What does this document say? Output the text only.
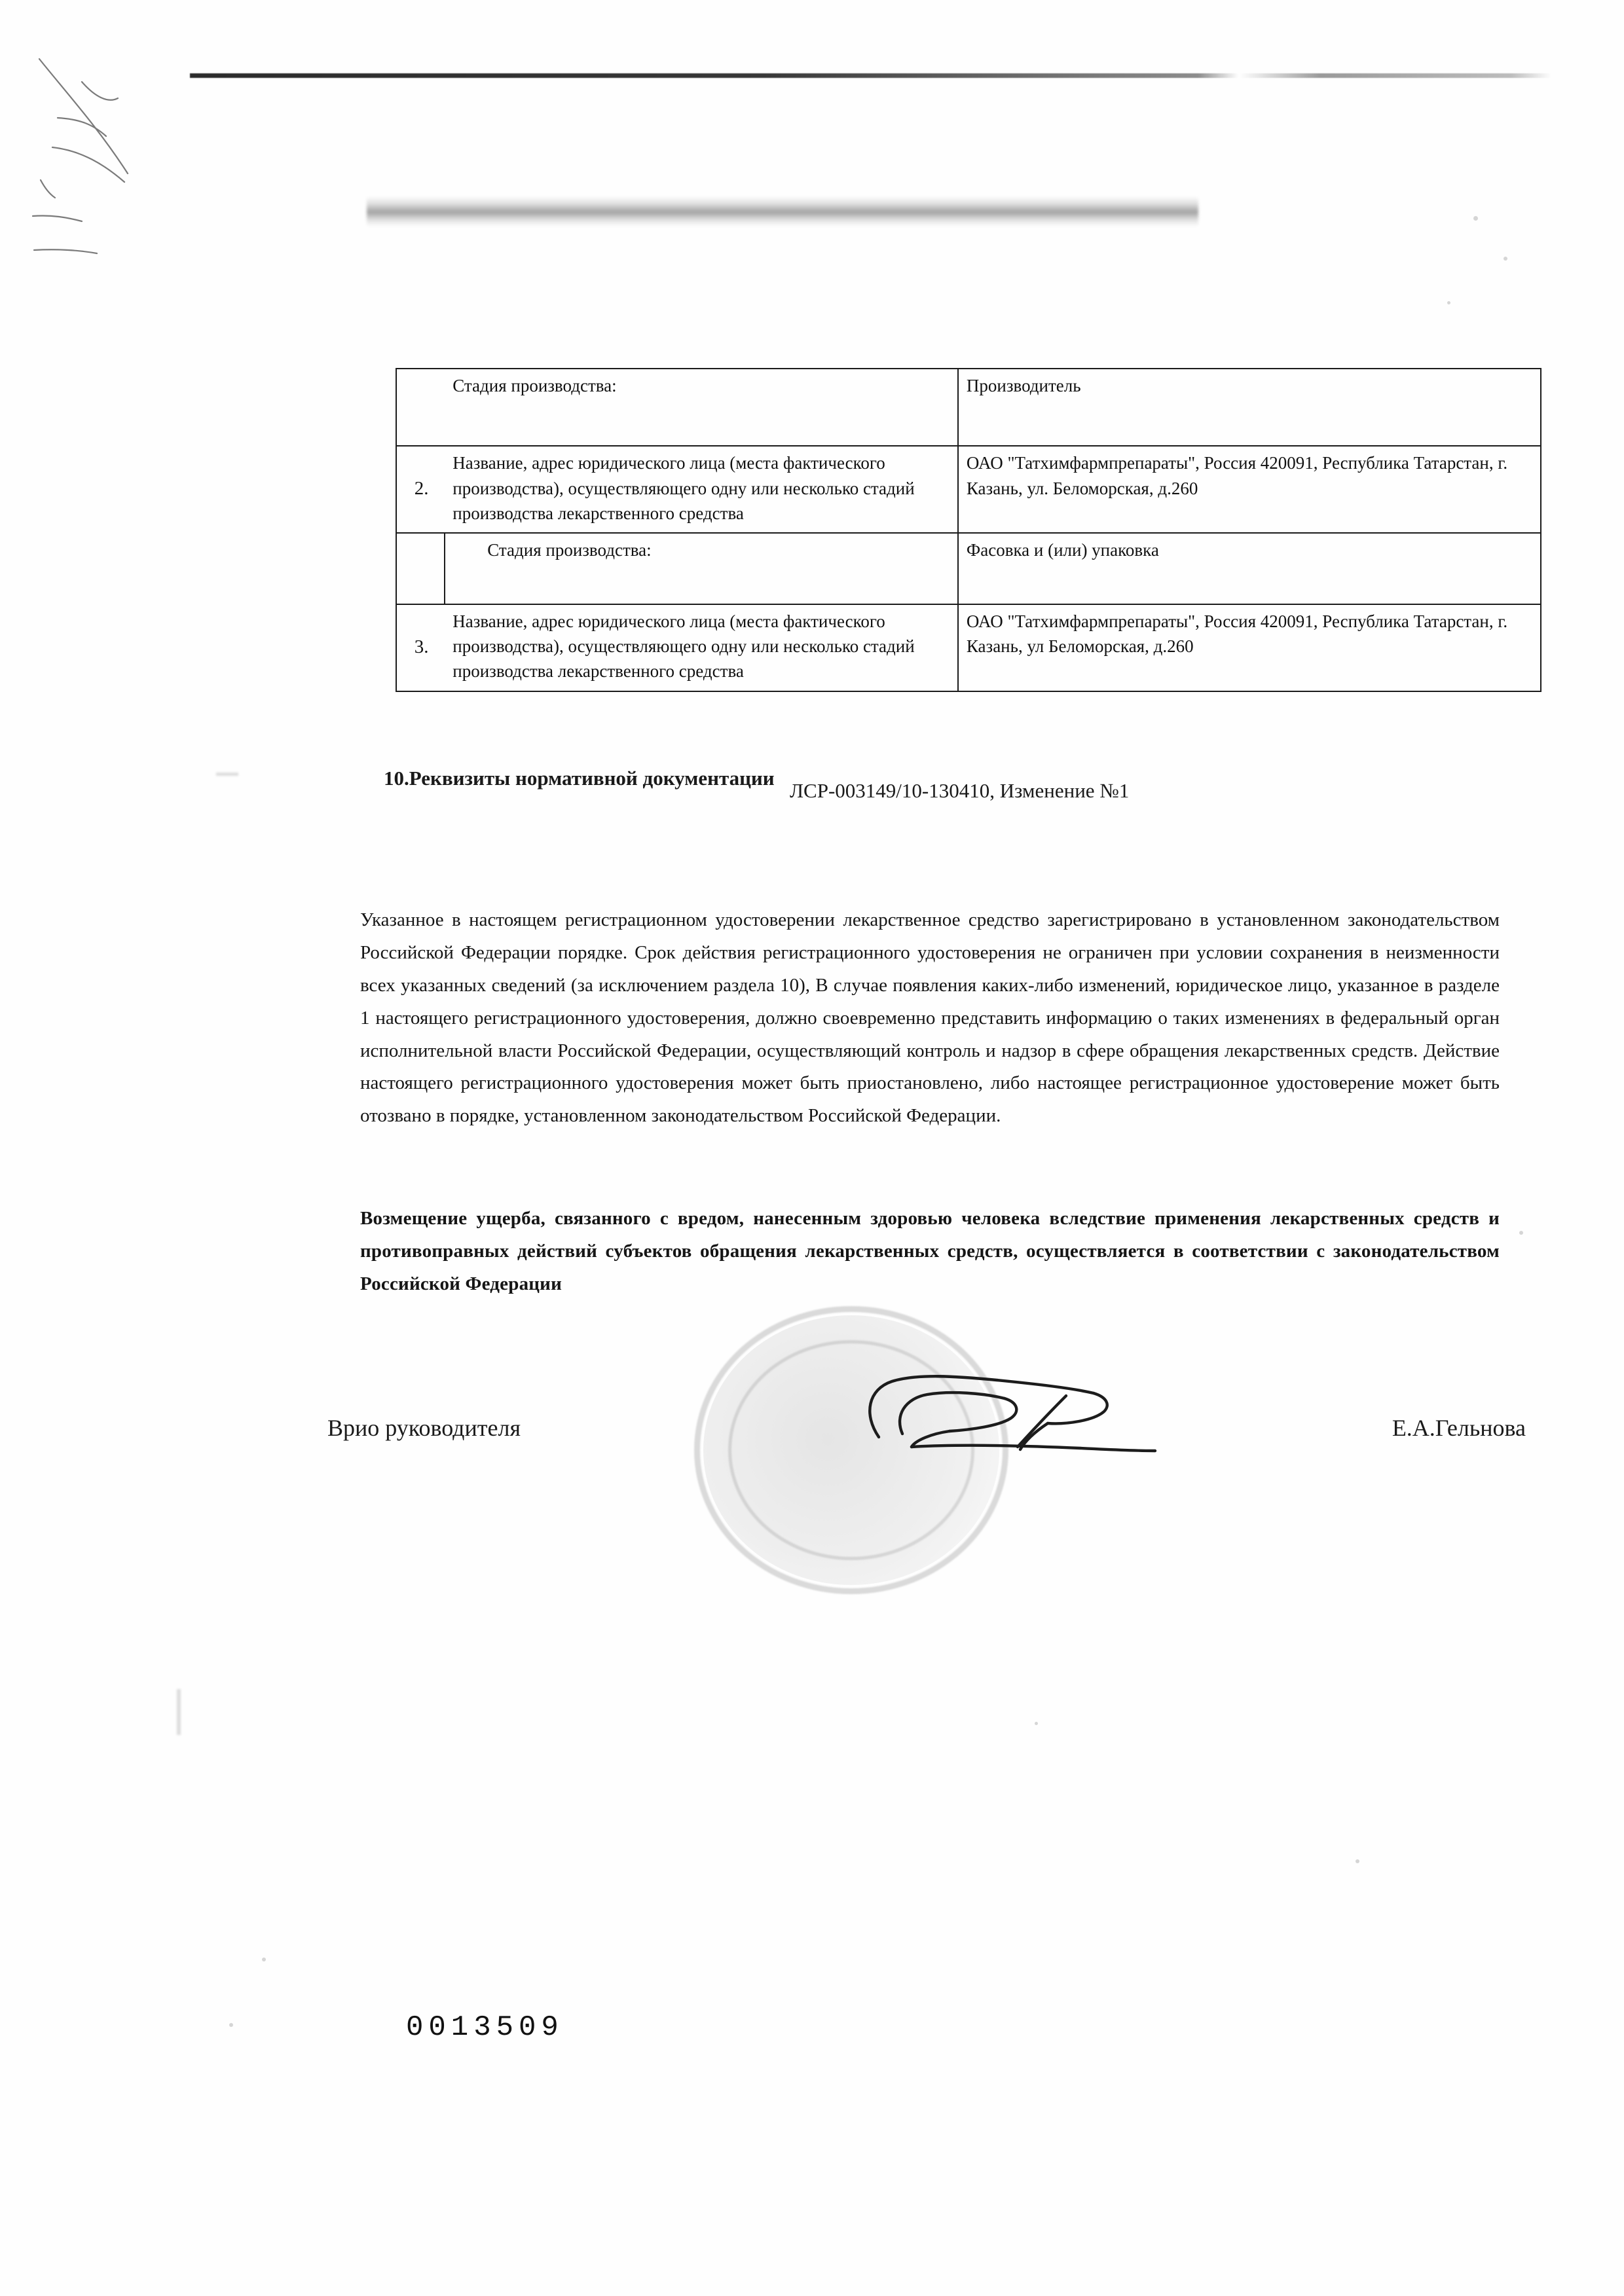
	Стадия производства:	Производитель
2.	Название, адрес юридического лица (места фактического производства), осуществляющего одну или несколько стадий производства лекарственного средства	ОАО "Татхимфармпрепараты", Россия 420091, Республика Татарстан, г. Казань, ул. Беломорская, д.260
	Стадия производства:	Фасовка и (или) упаковка
3.	Название, адрес юридического лица (места фактического производства), осуществляющего одну или несколько стадий производства лекарственного средства	ОАО "Татхимфармпрепараты", Россия 420091, Республика Татарстан, г. Казань, ул Беломорская, д.260
10.Реквизиты нормативной документации
ЛСР-003149/10-130410, Изменение №1

Указанное в настоящем регистрационном удостоверении лекарственное средство зарегистрировано в установленном законодательством Российской Федерации порядке. Срок действия регистрационного удостоверения не ограничен при условии сохранения в неизменности всех указанных сведений (за исключением раздела 10), В случае появления каких-либо изменений, юридическое лицо, указанное в разделе 1 настоящего регистрационного удостоверения, должно своевременно представить информацию о таких изменениях в федеральный орган исполнительной власти Российской Федерации, осуществляющий контроль и надзор в сфере обращения лекарственных средств. Действие настоящего регистрационного удостоверения может быть приостановлено, либо настоящее регистрационное удостоверение может быть отозвано в порядке, установленном законодательством Российской Федерации.

Возмещение ущерба, связанного с вредом, нанесенным здоровью человека вследствие применения лекарственных средств и противоправных действий субъектов обращения лекарственных средств, осуществляется в соответствии с законодательством Российской Федерации

Врио руководителя	Е.А.Гельнова
0013509
